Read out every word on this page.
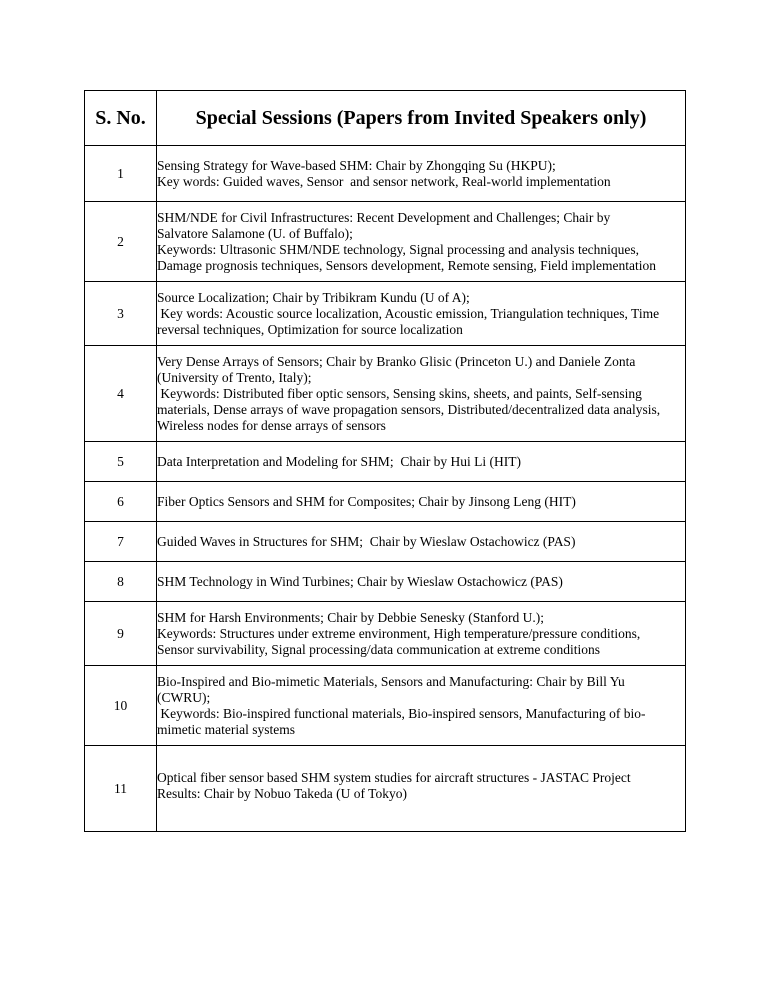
S. No.	Special Sessions (Papers from Invited Speakers only)
1	Sensing Strategy for Wave-based SHM: Chair by Zhongqing Su (HKPU);
Key words: Guided waves, Sensor  and sensor network, Real-world implementation

2	SHM/NDE for Civil Infrastructures: Recent Development and Challenges; Chair by
Salvatore Salamone (U. of Buffalo);
Keywords: Ultrasonic SHM/NDE technology, Signal processing and analysis techniques,
Damage prognosis techniques, Sensors development, Remote sensing, Field implementation

3	Source Localization; Chair by Tribikram Kundu (U of A);
Key words: Acoustic source localization, Acoustic emission, Triangulation techniques, Time
reversal techniques, Optimization for source localization

4	Very Dense Arrays of Sensors; Chair by Branko Glisic (Princeton U.) and Daniele Zonta
(University of Trento, Italy);
Keywords: Distributed fiber optic sensors, Sensing skins, sheets, and paints, Self-sensing
materials, Dense arrays of wave propagation sensors, Distributed/decentralized data analysis,
Wireless nodes for dense arrays of sensors

5	Data Interpretation and Modeling for SHM;  Chair by Hui Li (HIT)

6	Fiber Optics Sensors and SHM for Composites; Chair by Jinsong Leng (HIT)

7	Guided Waves in Structures for SHM;  Chair by Wieslaw Ostachowicz (PAS)

8	SHM Technology in Wind Turbines; Chair by Wieslaw Ostachowicz (PAS)

9	SHM for Harsh Environments; Chair by Debbie Senesky (Stanford U.);
Keywords: Structures under extreme environment, High temperature/pressure conditions,
Sensor survivability, Signal processing/data communication at extreme conditions

10	Bio-Inspired and Bio-mimetic Materials, Sensors and Manufacturing: Chair by Bill Yu
(CWRU);
Keywords: Bio-inspired functional materials, Bio-inspired sensors, Manufacturing of bio-
mimetic material systems

11	Optical fiber sensor based SHM system studies for aircraft structures - JASTAC Project
Results: Chair by Nobuo Takeda (U of Tokyo)
